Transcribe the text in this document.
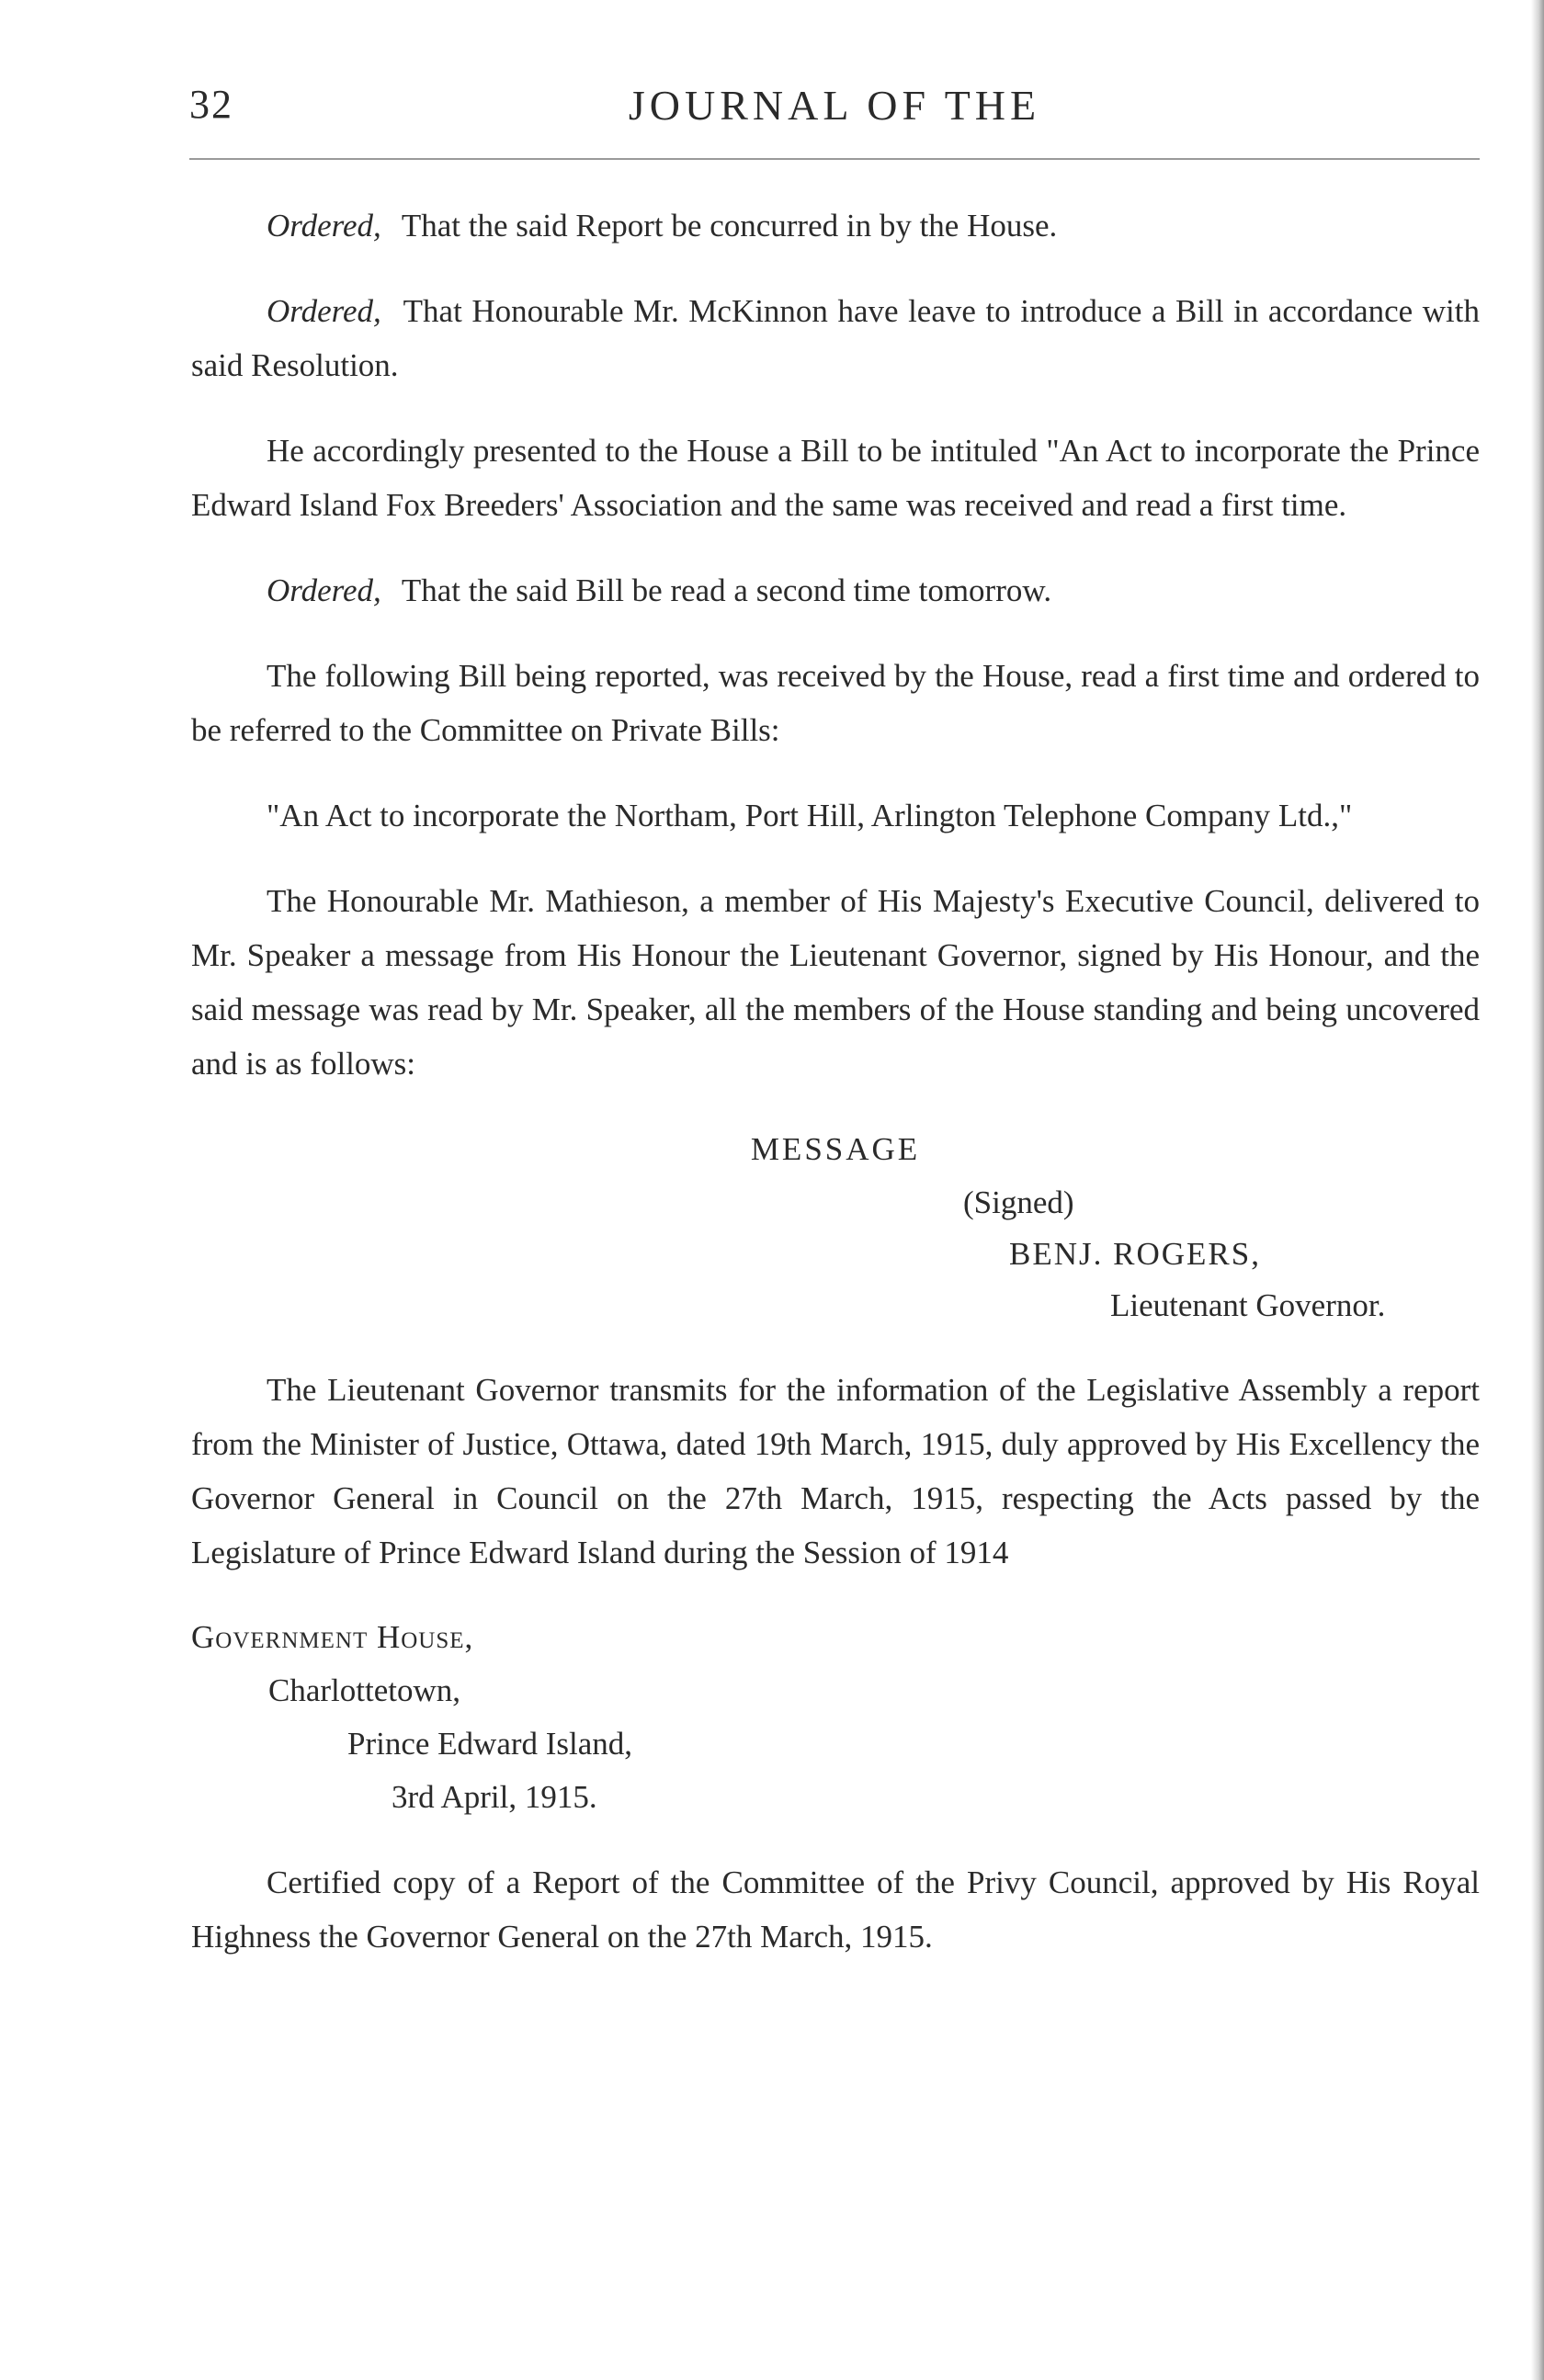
32	JOURNAL OF THE

Ordered, That the said Report be concurred in by the House.

Ordered, That Honourable Mr. McKinnon have leave to introduce a Bill in accordance with said Resolution.

He accordingly presented to the House a Bill to be intituled "An Act to incorporate the Prince Edward Island Fox Breeders' Association and the same was received and read a first time.

Ordered, That the said Bill be read a second time tomorrow.

The following Bill being reported, was received by the House, read a first time and ordered to be referred to the Committee on Private Bills:

"An Act to incorporate the Northam, Port Hill, Arlington Telephone Company Ltd.,"

The Honourable Mr. Mathieson, a member of His Majesty's Executive Council, delivered to Mr. Speaker a message from His Honour the Lieutenant Governor, signed by His Honour, and the said message was read by Mr. Speaker, all the members of the House standing and being uncovered and is as follows:

MESSAGE
(Signed)
BENJ. ROGERS,
Lieutenant Governor.

The Lieutenant Governor transmits for the information of the Legislative Assembly a report from the Minister of Justice, Ottawa, dated 19th March, 1915, duly approved by His Excellency the Governor General in Council on the 27th March, 1915, respecting the Acts passed by the Legislature of Prince Edward Island during the Session of 1914

Government House,
Charlottetown,
Prince Edward Island,
3rd April, 1915.

Certified copy of a Report of the Committee of the Privy Council, approved by His Royal Highness the Governor General on the 27th March, 1915.
